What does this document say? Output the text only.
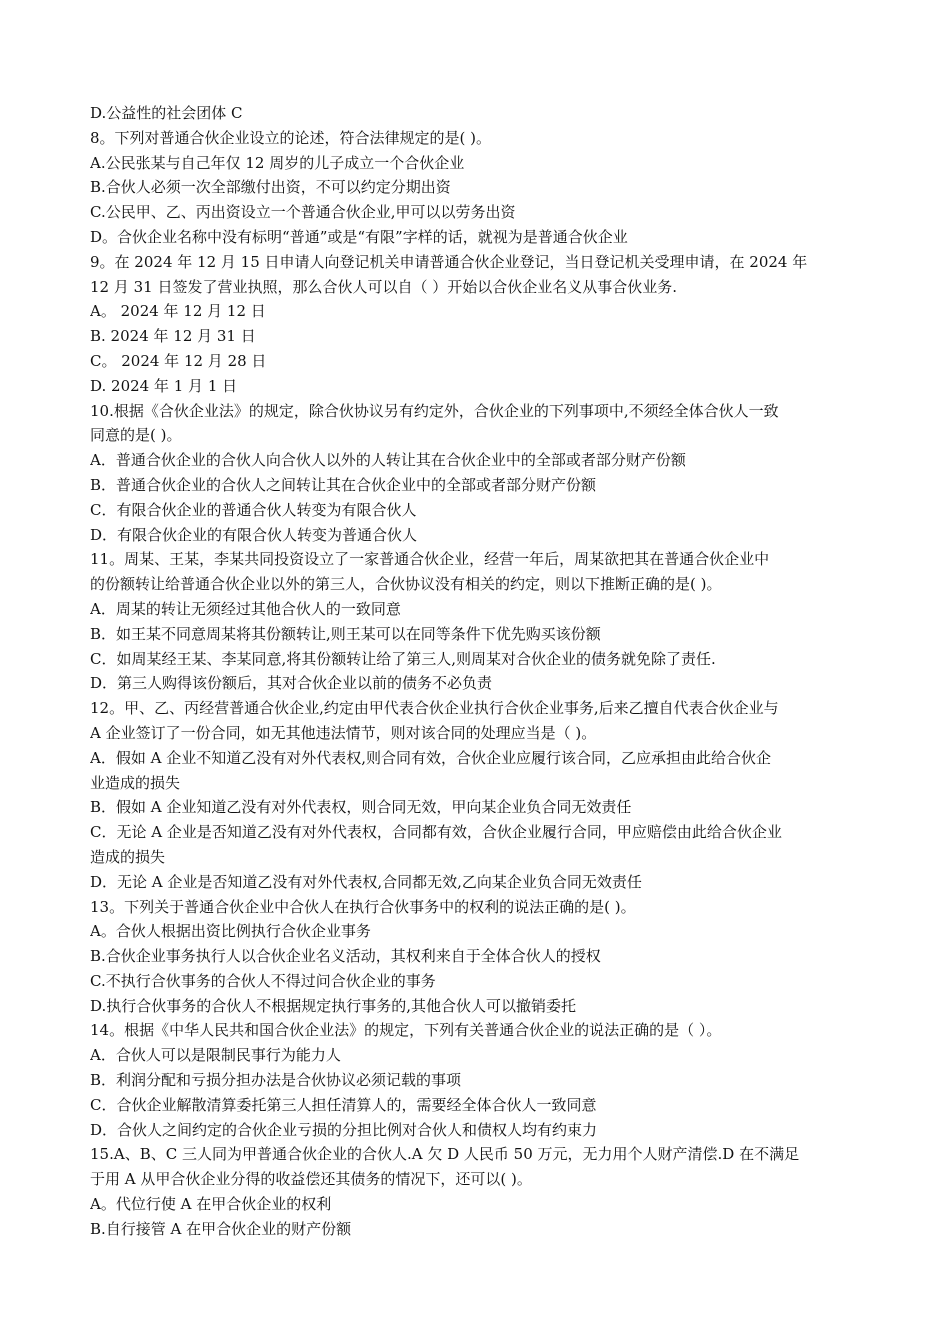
D.公益性的社会团体 C
8。下列对普通合伙企业设立的论述，符合法律规定的是( )。
A.公民张某与自己年仅 12 周岁的儿子成立一个合伙企业
B.合伙人必须一次全部缴付出资，不可以约定分期出资
C.公民甲、乙、丙出资设立一个普通合伙企业,甲可以以劳务出资
D。合伙企业名称中没有标明“普通”或是“有限”字样的话，就视为是普通合伙企业
9。在 2024 年 12 月 15 日申请人向登记机关申请普通合伙企业登记，当日登记机关受理申请，在 2024 年
12 月 31 日签发了营业执照，那么合伙人可以自（ ）开始以合伙企业名义从事合伙业务.
A。 2024 年 12 月 12 日
B. 2024 年 12 月 31 日
C。 2024 年 12 月 28 日
D. 2024 年 1 月 1 日
10.根据《合伙企业法》的规定，除合伙协议另有约定外，合伙企业的下列事项中,不须经全体合伙人一致
同意的是( )。
A．普通合伙企业的合伙人向合伙人以外的人转让其在合伙企业中的全部或者部分财产份额
B．普通合伙企业的合伙人之间转让其在合伙企业中的全部或者部分财产份额
C．有限合伙企业的普通合伙人转变为有限合伙人
D．有限合伙企业的有限合伙人转变为普通合伙人
11。周某、王某，李某共同投资设立了一家普通合伙企业，经营一年后，周某欲把其在普通合伙企业中
的份额转让给普通合伙企业以外的第三人，合伙协议没有相关的约定，则以下推断正确的是( )。
A．周某的转让无须经过其他合伙人的一致同意
B．如王某不同意周某将其份额转让,则王某可以在同等条件下优先购买该份额
C．如周某经王某、李某同意,将其份额转让给了第三人,则周某对合伙企业的债务就免除了责任.
D．第三人购得该份额后，其对合伙企业以前的债务不必负责
12。甲、乙、丙经营普通合伙企业,约定由甲代表合伙企业执行合伙企业事务,后来乙擅自代表合伙企业与
A 企业签订了一份合同，如无其他违法情节，则对该合同的处理应当是（ )。
A．假如 A 企业不知道乙没有对外代表权,则合同有效，合伙企业应履行该合同，乙应承担由此给合伙企
业造成的损失
B．假如 A 企业知道乙没有对外代表权，则合同无效，甲向某企业负合同无效责任
C．无论 A 企业是否知道乙没有对外代表权，合同都有效，合伙企业履行合同，甲应赔偿由此给合伙企业
造成的损失
D．无论 A 企业是否知道乙没有对外代表权,合同都无效,乙向某企业负合同无效责任
13。下列关于普通合伙企业中合伙人在执行合伙事务中的权利的说法正确的是( )。
A。合伙人根据出资比例执行合伙企业事务
B.合伙企业事务执行人以合伙企业名义活动，其权利来自于全体合伙人的授权
C.不执行合伙事务的合伙人不得过问合伙企业的事务
D.执行合伙事务的合伙人不根据规定执行事务的,其他合伙人可以撤销委托
14。根据《中华人民共和国合伙企业法》的规定，下列有关普通合伙企业的说法正确的是（ ）。
A．合伙人可以是限制民事行为能力人
B．利润分配和亏损分担办法是合伙协议必须记载的事项
C．合伙企业解散清算委托第三人担任清算人的，需要经全体合伙人一致同意
D．合伙人之间约定的合伙企业亏损的分担比例对合伙人和债权人均有约束力
15.A、B、C 三人同为甲普通合伙企业的合伙人.A 欠 D 人民币 50 万元，无力用个人财产清偿.D 在不满足
于用 A 从甲合伙企业分得的收益偿还其债务的情况下，还可以( )。
A。代位行使 A 在甲合伙企业的权利
B.自行接管 A 在甲合伙企业的财产份额
